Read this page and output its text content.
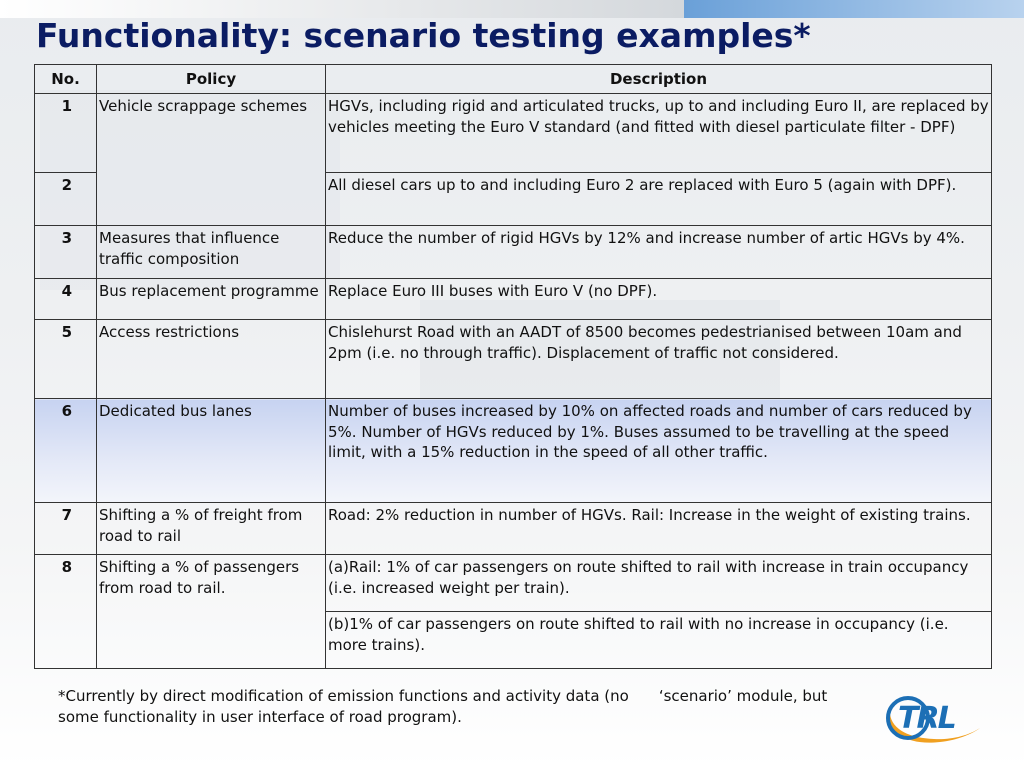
Functionality: scenario testing examples*
No.	Policy	Description
1	Vehicle scrappage schemes	HGVs, including rigid and articulated trucks, up to and including Euro II, are replaced by vehicles meeting the Euro V standard (and fitted with diesel particulate filter - DPF)
2		All diesel cars up to and including Euro 2 are replaced with Euro 5 (again with DPF).
3	Measures that influence traffic composition	Reduce the number of rigid HGVs by 12% and increase number of artic HGVs by 4%.
4	Bus replacement programme	Replace Euro III buses with Euro V (no DPF).
5	Access restrictions	Chislehurst Road with an AADT of 8500 becomes pedestrianised between 10am and 2pm (i.e. no through traffic). Displacement of traffic not considered.
6	Dedicated bus lanes	Number of buses increased by 10% on affected roads and number of cars reduced by 5%. Number of HGVs reduced by 1%. Buses assumed to be travelling at the speed limit, with a 15% reduction in the speed of all other traffic.
7	Shifting a % of freight from road to rail	Road: 2% reduction in number of HGVs. Rail: Increase in the weight of existing trains.
8	Shifting a % of passengers from road to rail.	(a)Rail: 1% of car passengers on route shifted to rail with increase in train occupancy (i.e. increased weight per train).
		(b)1% of car passengers on route shifted to rail with no increase in occupancy (i.e. more trains).

*Currently by direct modification of emission functions and activity data (no ‘scenario’ module, but some functionality in user interface of road program).	TRL
